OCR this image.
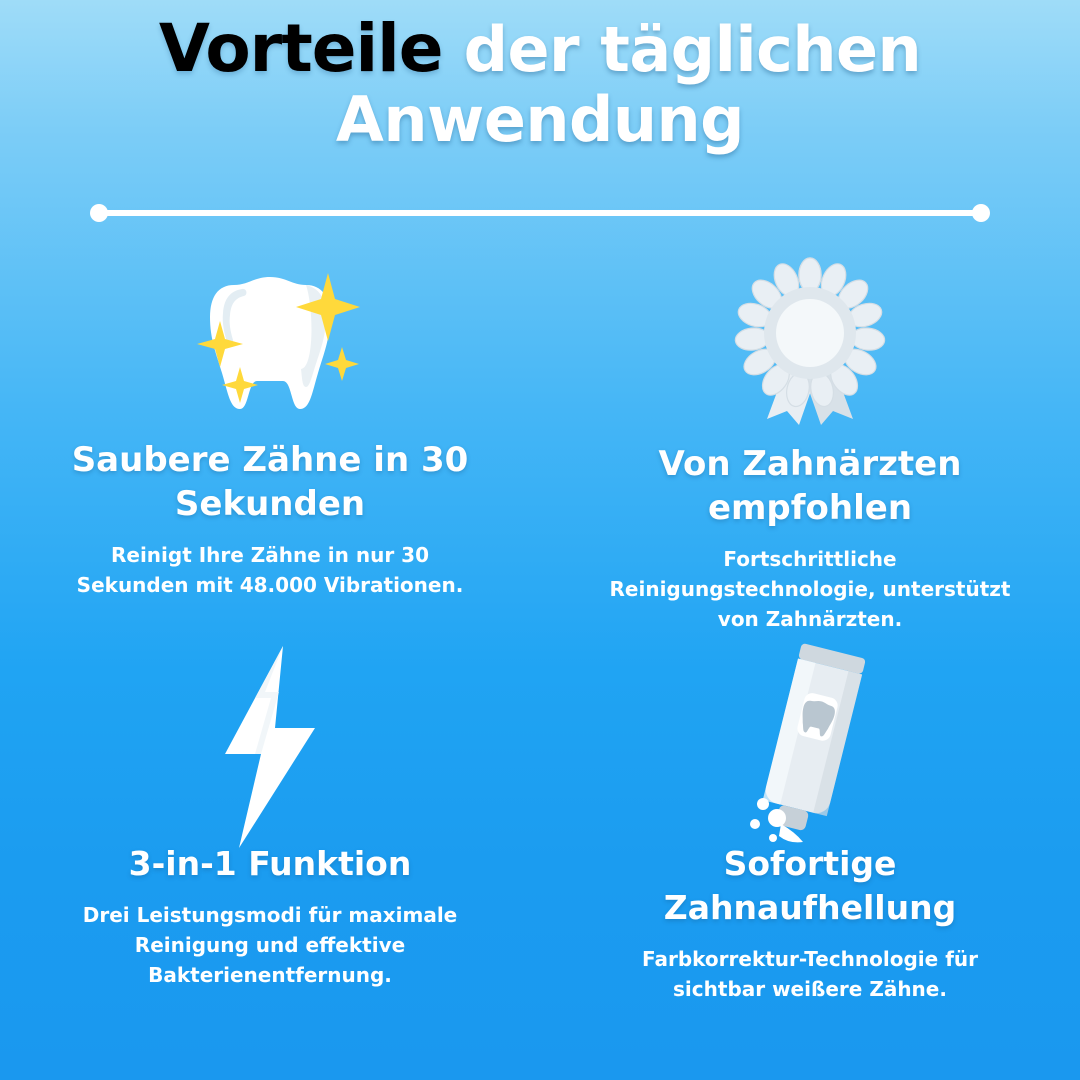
Vorteile der täglichen
Anwendung
Saubere Zähne in 30 Sekunden
Reinigt Ihre Zähne in nur 30 Sekunden mit 48.000 Vibrationen.
Von Zahnärzten empfohlen
Fortschrittliche Reinigungstechnologie, unterstützt von Zahnärzten.
3-in-1 Funktion
Drei Leistungsmodi für maximale Reinigung und effektive Bakterienentfernung.
Sofortige Zahnaufhellung
Farbkorrektur-Technologie für sichtbar weißere Zähne.
